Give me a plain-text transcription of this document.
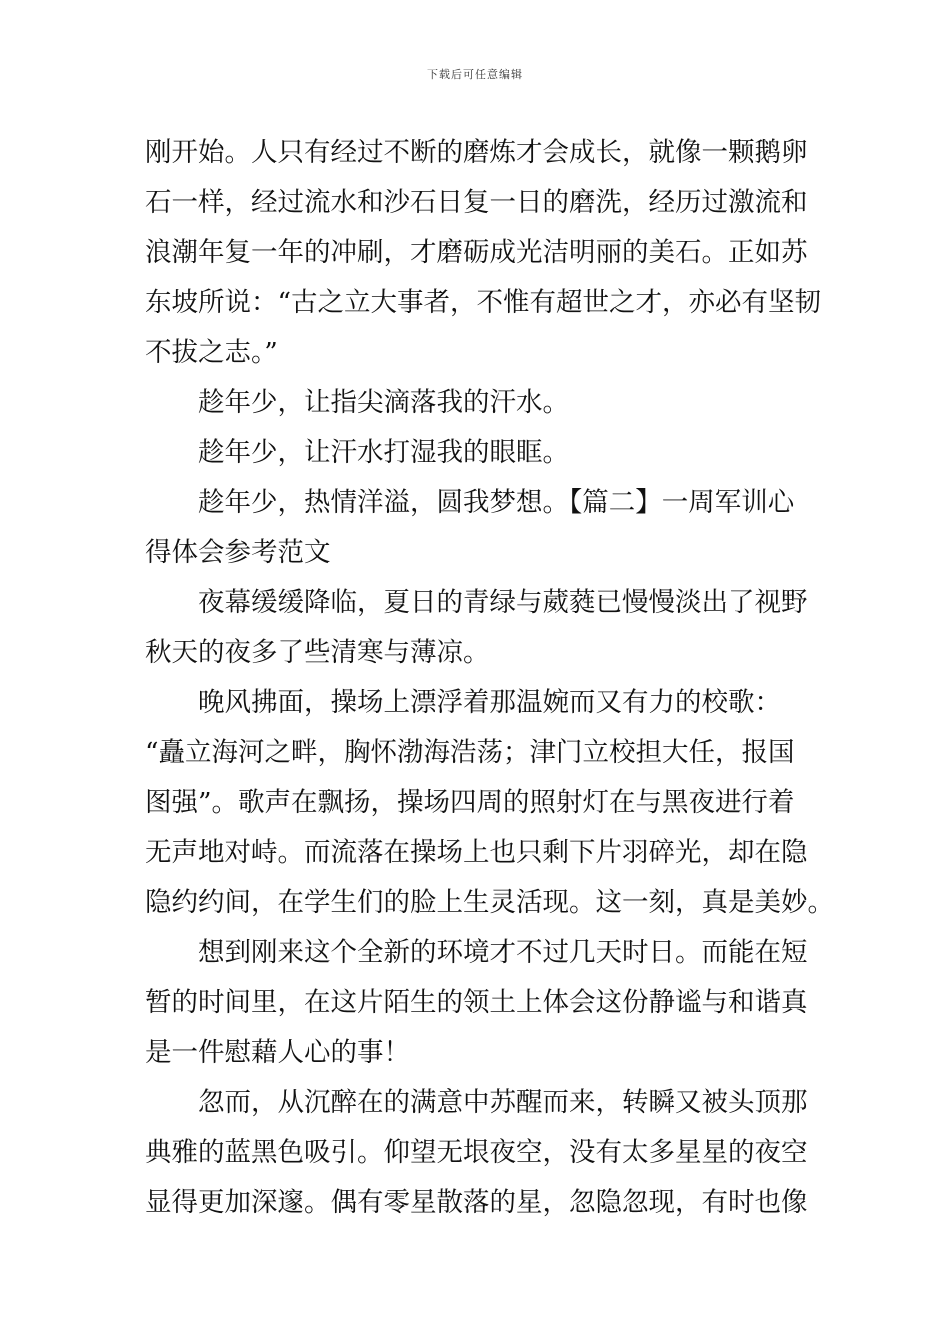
下载后可任意编辑
刚开始。人只有经过不断的磨炼才会成长，就像一颗鹅卵
石一样，经过流水和沙石日复一日的磨洗，经历过激流和
浪潮年复一年的冲刷，才磨砺成光洁明丽的美石。正如苏
东坡所说：“古之立大事者，不惟有超世之才，亦必有坚韧
不拔之志。”
趁年少，让指尖滴落我的汗水。
趁年少，让汗水打湿我的眼眶。
趁年少，热情洋溢，圆我梦想。【篇二】一周军训心
得体会参考范文
夜幕缓缓降临，夏日的青绿与葳蕤已慢慢淡出了视野
秋天的夜多了些清寒与薄凉。
晚风拂面，操场上漂浮着那温婉而又有力的校歌：
“矗立海河之畔，胸怀渤海浩荡；津门立校担大任，报国
图强”。歌声在飘扬，操场四周的照射灯在与黑夜进行着
无声地对峙。而流落在操场上也只剩下片羽碎光，却在隐
隐约约间，在学生们的脸上生灵活现。这一刻，真是美妙。
想到刚来这个全新的环境才不过几天时日。而能在短
暂的时间里，在这片陌生的领土上体会这份静谧与和谐真
是一件慰藉人心的事！
忽而，从沉醉在的满意中苏醒而来，转瞬又被头顶那
典雅的蓝黑色吸引。仰望无垠夜空，没有太多星星的夜空
显得更加深邃。偶有零星散落的星，忽隐忽现，有时也像
